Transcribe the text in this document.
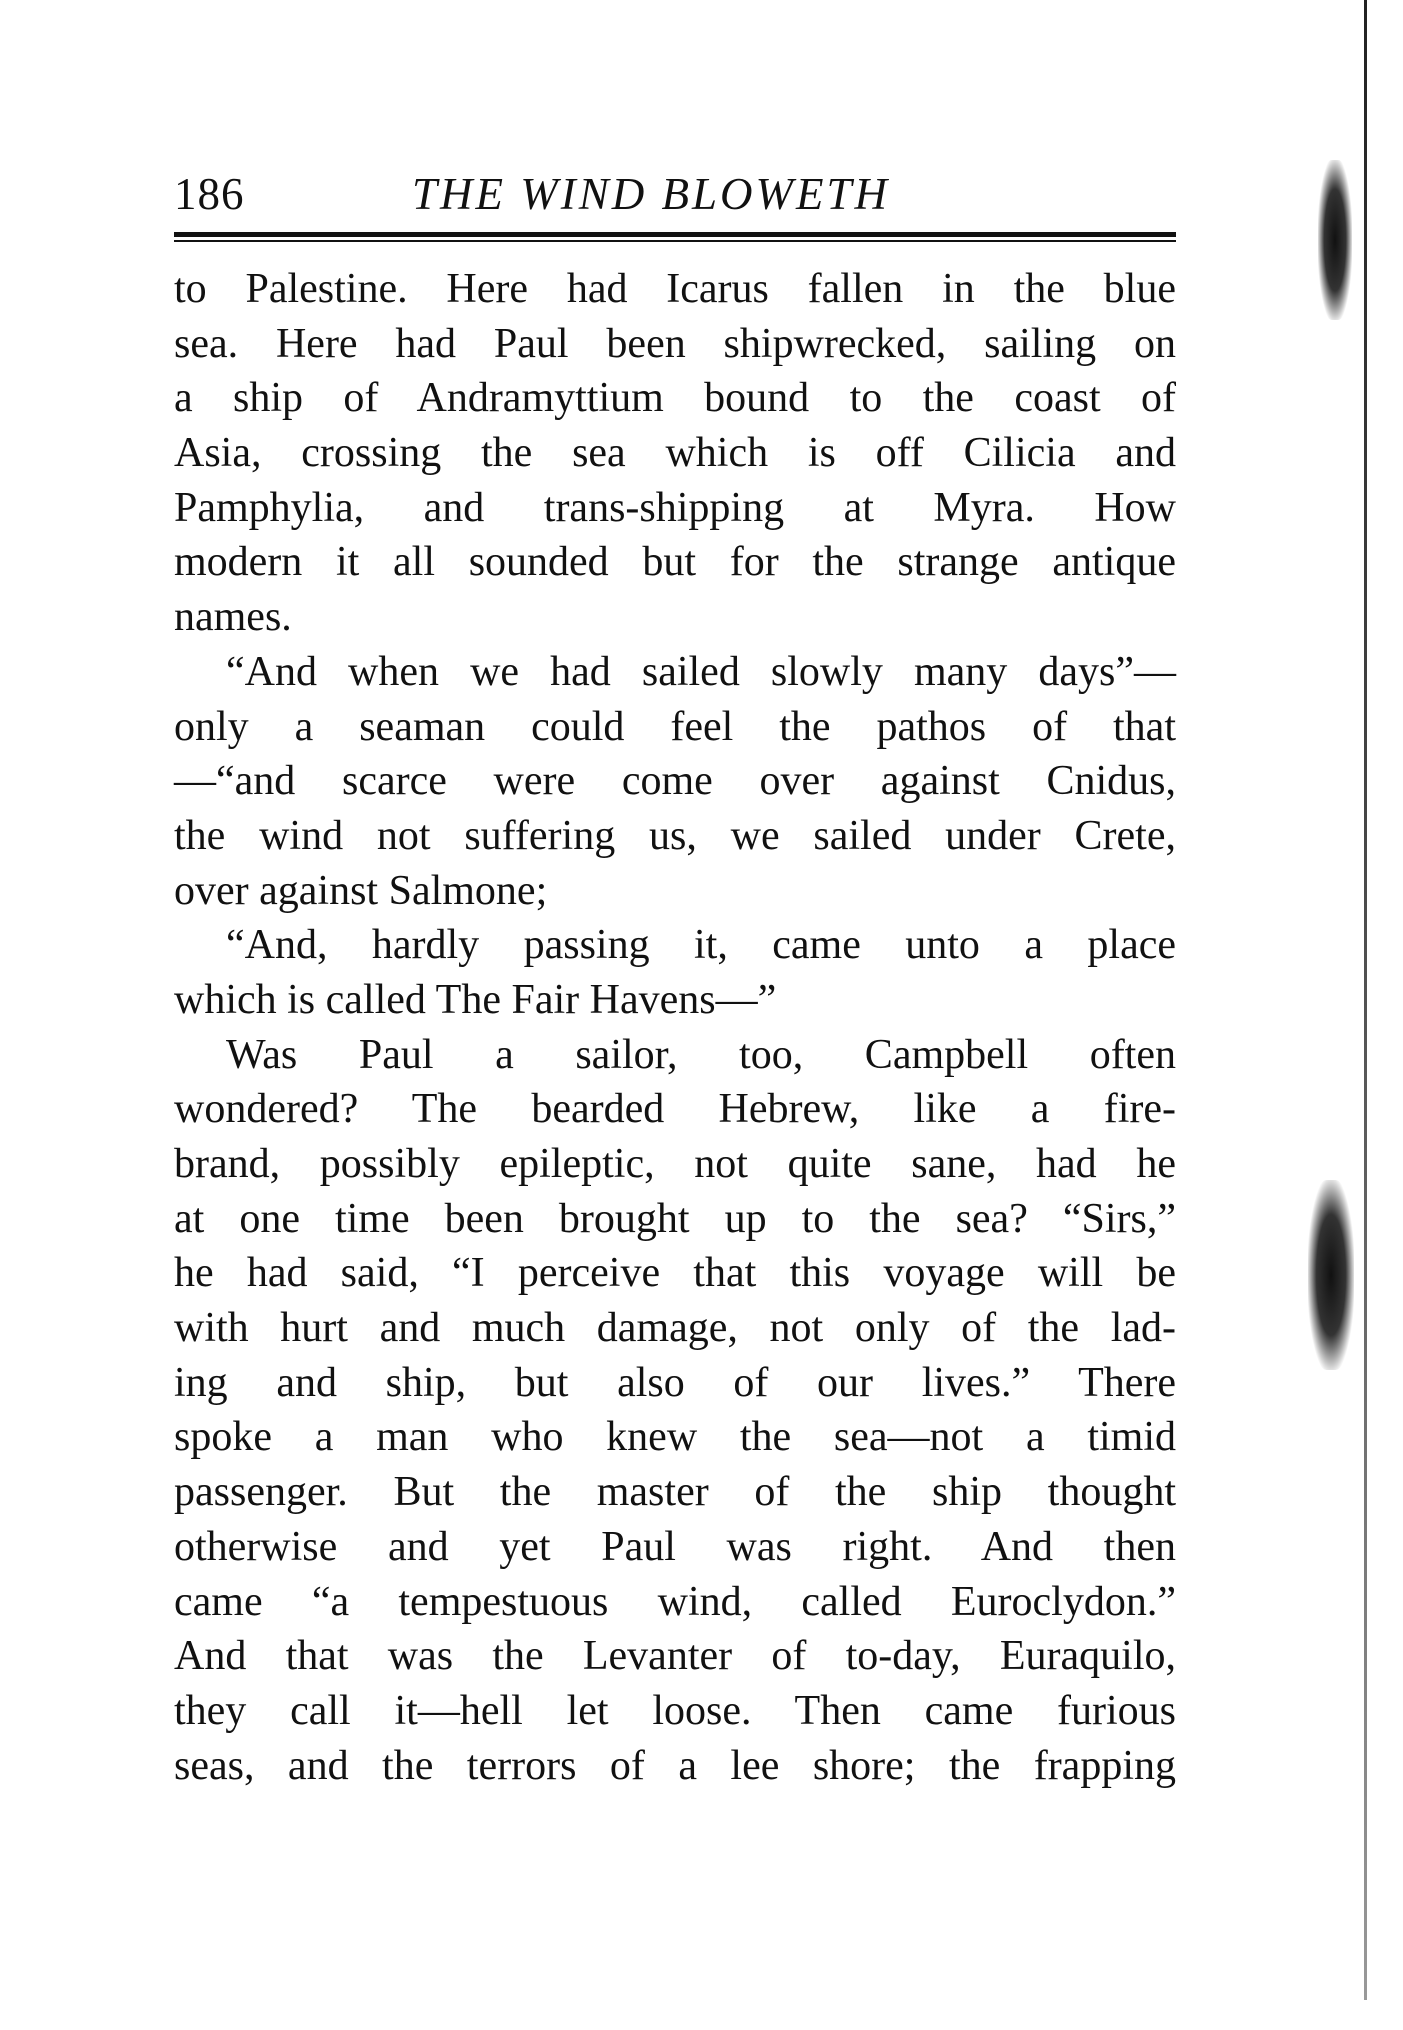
186	THE WIND BLOWETH
to Palestine. Here had Icarus fallen in the blue
sea. Here had Paul been shipwrecked, sailing on
a ship of Andramyttium bound to the coast of
Asia, crossing the sea which is off Cilicia and
Pamphylia, and trans-shipping at Myra. How
modern it all sounded but for the strange antique
names.
“And when we had sailed slowly many days”—
only a seaman could feel the pathos of that
—“and scarce were come over against Cnidus,
the wind not suffering us, we sailed under Crete,
over against Salmone;
“And, hardly passing it, came unto a place
which is called The Fair Havens—”
Was Paul a sailor, too, Campbell often
wondered? The bearded Hebrew, like a fire-
brand, possibly epileptic, not quite sane, had he
at one time been brought up to the sea? “Sirs,”
he had said, “I perceive that this voyage will be
with hurt and much damage, not only of the lad-
ing and ship, but also of our lives.” There
spoke a man who knew the sea—not a timid
passenger. But the master of the ship thought
otherwise and yet Paul was right. And then
came “a tempestuous wind, called Euroclydon.”
And that was the Levanter of to-day, Euraquilo,
they call it—hell let loose. Then came furious
seas, and the terrors of a lee shore; the frapping
